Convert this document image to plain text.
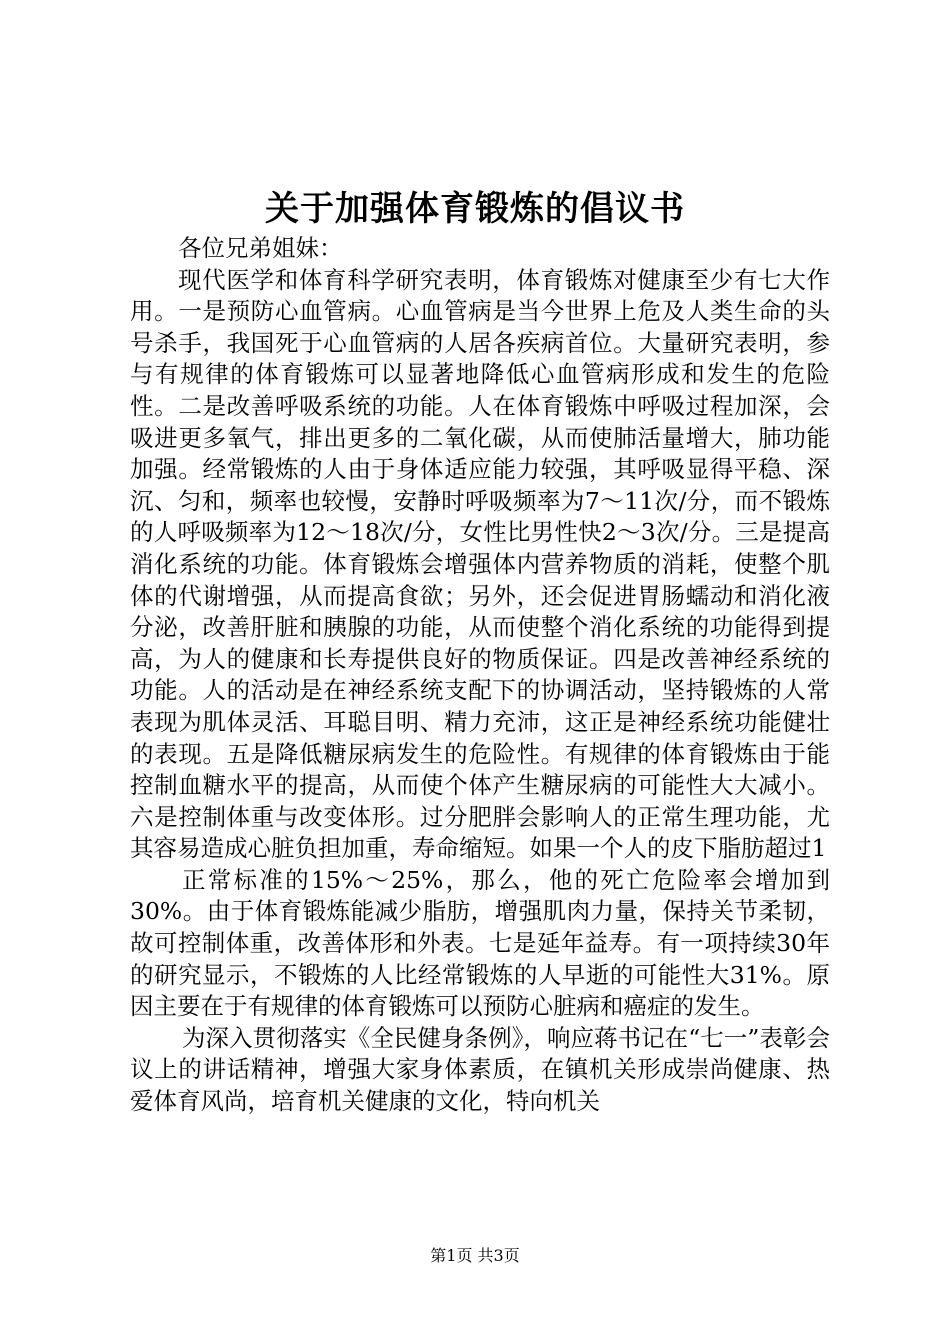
关于加强体育锻炼的倡议书

各位兄弟姐妹：

现代医学和体育科学研究表明，体育锻炼对健康至少有七大作用。一是预防心血管病。心血管病是当今世界上危及人类生命的头号杀手，我国死于心血管病的人居各疾病首位。大量研究表明，参与有规律的体育锻炼可以显著地降低心血管病形成和发生的危险性。二是改善呼吸系统的功能。人在体育锻炼中呼吸过程加深，会吸进更多氧气，排出更多的二氧化碳，从而使肺活量增大，肺功能加强。经常锻炼的人由于身体适应能力较强，其呼吸显得平稳、深沉、匀和，频率也较慢，安静时呼吸频率为7～11次/分，而不锻炼的人呼吸频率为12～18次/分，女性比男性快2～3次/分。三是提高消化系统的功能。体育锻炼会增强体内营养物质的消耗，使整个肌体的代谢增强，从而提高食欲；另外，还会促进胃肠蠕动和消化液分泌，改善肝脏和胰腺的功能，从而使整个消化系统的功能得到提高，为人的健康和长寿提供良好的物质保证。四是改善神经系统的功能。人的活动是在神经系统支配下的协调活动，坚持锻炼的人常表现为肌体灵活、耳聪目明、精力充沛，这正是神经系统功能健壮的表现。五是降低糖尿病发生的危险性。有规律的体育锻炼由于能控制血糖水平的提高，从而使个体产生糖尿病的可能性大大减小。六是控制体重与改变体形。过分肥胖会影响人的正常生理功能，尤其容易造成心脏负担加重，寿命缩短。如果一个人的皮下脂肪超过1

正常标准的15%～25%，那么，他的死亡危险率会增加到30%。由于体育锻炼能减少脂肪，增强肌肉力量，保持关节柔韧，故可控制体重，改善体形和外表。七是延年益寿。有一项持续30年的研究显示，不锻炼的人比经常锻炼的人早逝的可能性大31%。原因主要在于有规律的体育锻炼可以预防心脏病和癌症的发生。

为深入贯彻落实《全民健身条例》，响应蒋书记在“七一”表彰会议上的讲话精神，增强大家身体素质，在镇机关形成崇尚健康、热爱体育风尚，培育机关健康的文化，特向机关

第1页 共3页
